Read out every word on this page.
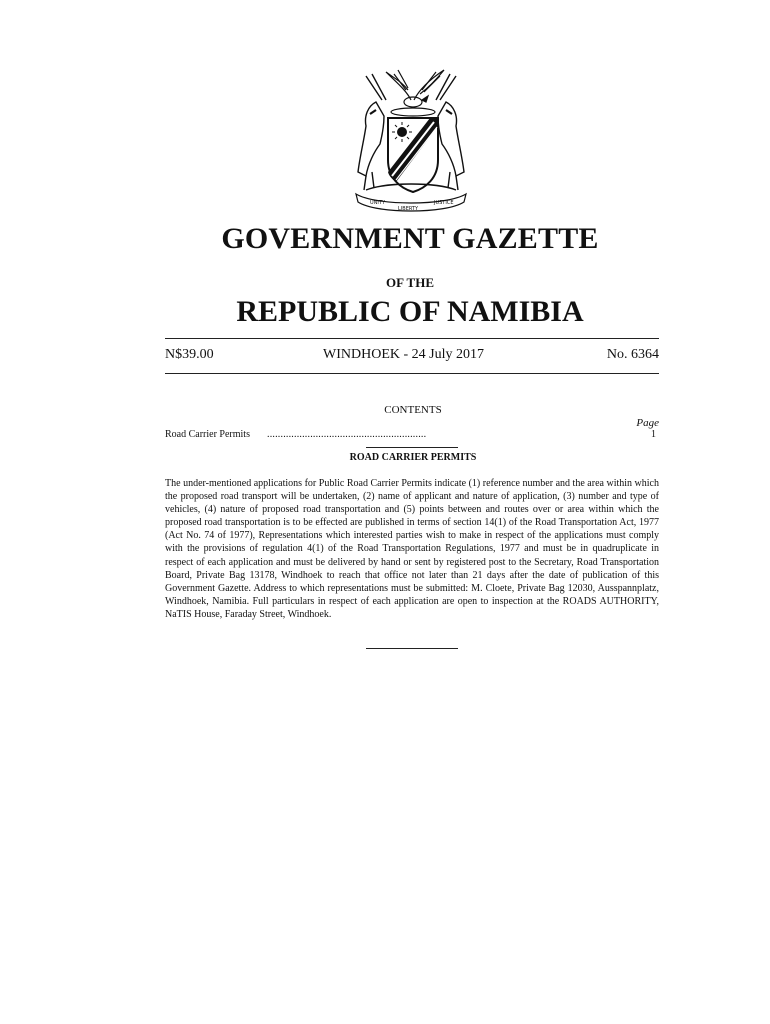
UNITY
LIBERTY
JUSTICE
GOVERNMENT GAZETTE
OF THE
REPUBLIC OF NAMIBIA
N$39.00	WINDHOEK - 24 July 2017	No. 6364
CONTENTS
Page
Road Carrier Permits ...........................................................	1
ROAD CARRIER PERMITS

The under-mentioned applications for Public Road Carrier Permits indicate (1) reference number and the area within which the proposed road transport will be undertaken, (2) name of applicant and nature of application, (3) number and type of vehicles, (4) nature of proposed road transportation and (5) points between and routes over or area within which the proposed road transportation is to be effected are published in terms of section 14(1) of the Road Transportation Act, 1977 (Act No. 74 of 1977), Representations which interested parties wish to make in respect of the applications must comply with the provisions of regulation 4(1) of the Road Transportation Regulations, 1977 and must be in quadruplicate in respect of each application and must be delivered by hand or sent by registered post to the Secretary, Road Transportation Board, Private Bag 13178, Windhoek to reach that office not later than 21 days after the date of publication of this Government Gazette. Address to which representations must be submitted: M. Cloete, Private Bag 12030, Ausspannplatz, Windhoek, Namibia. Full particulars in respect of each application are open to inspection at the ROADS AUTHORITY, NaTIS House, Faraday Street, Windhoek.
